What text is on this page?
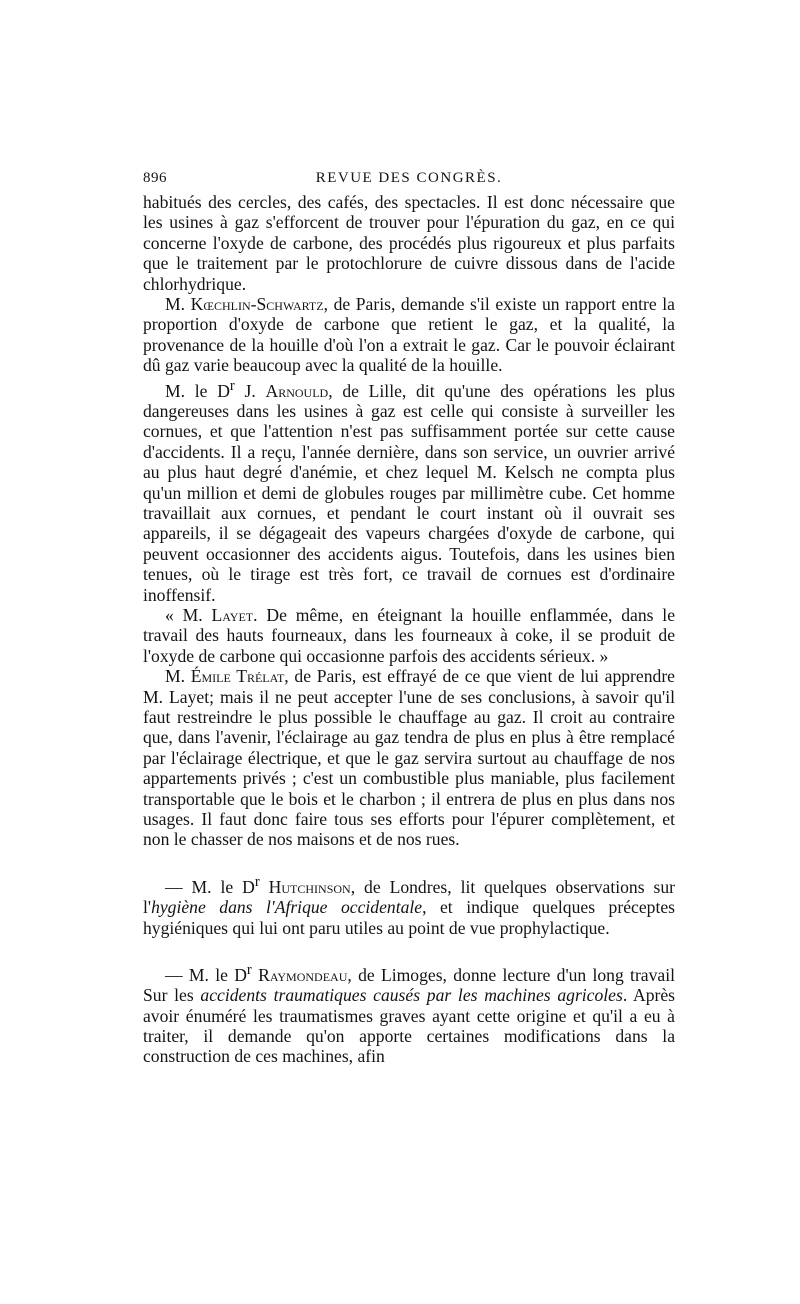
896	REVUE DES CONGRÈS.

habitués des cercles, des cafés, des spectacles. Il est donc nécessaire que les usines à gaz s'efforcent de trouver pour l'épuration du gaz, en ce qui concerne l'oxyde de carbone, des procédés plus rigoureux et plus parfaits que le traitement par le protochlorure de cuivre dissous dans de l'acide chlorhydrique.

M. Kœchlin-Schwartz, de Paris, demande s'il existe un rapport entre la proportion d'oxyde de carbone que retient le gaz, et la qualité, la provenance de la houille d'où l'on a extrait le gaz. Car le pouvoir éclairant dû gaz varie beaucoup avec la qualité de la houille.

M. le $D^r$ J. Arnould, de Lille, dit qu'une des opérations les plus dangereuses dans les usines à gaz est celle qui consiste à surveiller les cornues, et que l'attention n'est pas suffisamment portée sur cette cause d'accidents. Il a reçu, l'année dernière, dans son service, un ouvrier arrivé au plus haut degré d'anémie, et chez lequel M. Kelsch ne compta plus qu'un million et demi de globules rouges par millimètre cube. Cet homme travaillait aux cornues, et pendant le court instant où il ouvrait ses appareils, il se dégageait des vapeurs chargées d'oxyde de carbone, qui peuvent occasionner des accidents aigus. Toutefois, dans les usines bien tenues, où le tirage est très fort, ce travail de cornues est d'ordinaire inoffensif.

« M. Layet. De même, en éteignant la houille enflammée, dans le travail des hauts fourneaux, dans les fourneaux à coke, il se produit de l'oxyde de carbone qui occasionne parfois des accidents sérieux. »

M. Émile Trélat, de Paris, est effrayé de ce que vient de lui apprendre M. Layet; mais il ne peut accepter l'une de ses conclusions, à savoir qu'il faut restreindre le plus possible le chauffage au gaz. Il croit au contraire que, dans l'avenir, l'éclairage au gaz tendra de plus en plus à être remplacé par l'éclairage électrique, et que le gaz servira surtout au chauffage de nos appartements privés ; c'est un combustible plus maniable, plus facilement transportable que le bois et le charbon ; il entrera de plus en plus dans nos usages. Il faut donc faire tous ses efforts pour l'épurer complètement, et non le chasser de nos maisons et de nos rues.

— M. le $D^r$ Hutchinson, de Londres, lit quelques observations sur l'hygiène dans l'Afrique occidentale, et indique quelques préceptes hygiéniques qui lui ont paru utiles au point de vue prophylactique.

— M. le $D^r$ Raymondeau, de Limoges, donne lecture d'un long travail Sur les accidents traumatiques causés par les machines agricoles. Après avoir énuméré les traumatismes graves ayant cette origine et qu'il a eu à traiter, il demande qu'on apporte certaines modifications dans la construction de ces machines, afin
